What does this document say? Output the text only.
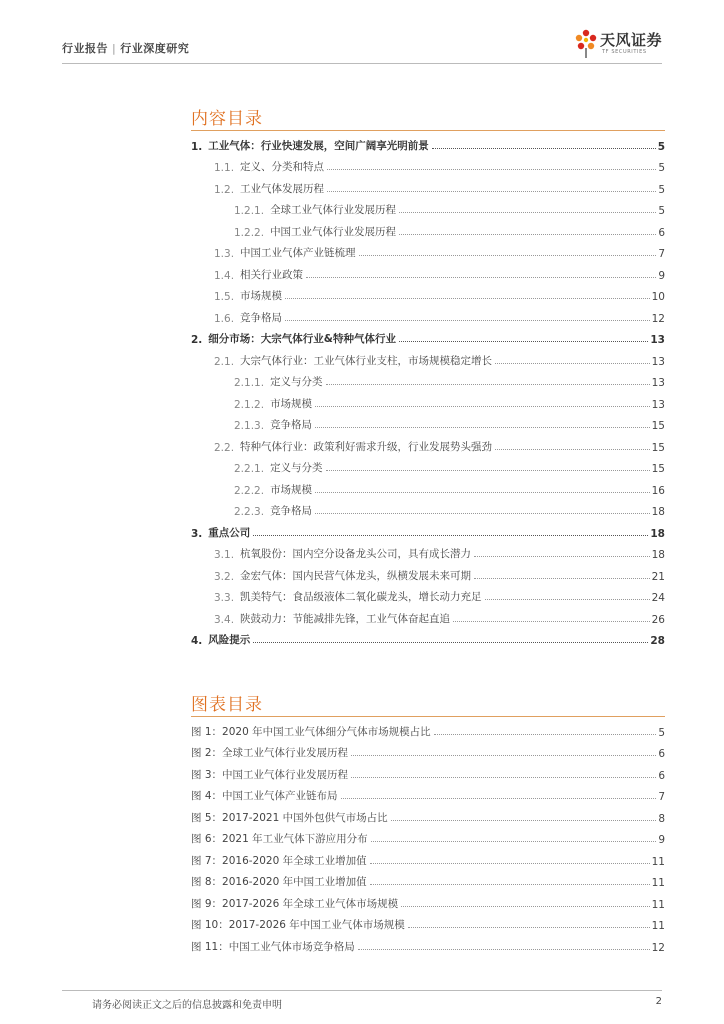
行业报告 | 行业深度研究	天风证券
TF SECURITIES
内容目录
1. 工业气体：行业快速发展，空间广阔享光明前景	5
1.1. 定义、分类和特点	5
1.2. 工业气体发展历程	5
1.2.1. 全球工业气体行业发展历程	5
1.2.2. 中国工业气体行业发展历程	6
1.3. 中国工业气体产业链梳理	7
1.4. 相关行业政策	9
1.5. 市场规模	10
1.6. 竞争格局	12
2. 细分市场：大宗气体行业&特种气体行业	13
2.1. 大宗气体行业：工业气体行业支柱，市场规模稳定增长	13
2.1.1. 定义与分类	13
2.1.2. 市场规模	13
2.1.3. 竞争格局	15
2.2. 特种气体行业：政策利好需求升级，行业发展势头强劲	15
2.2.1. 定义与分类	15
2.2.2. 市场规模	16
2.2.3. 竞争格局	18
3. 重点公司	18
3.1. 杭氧股份：国内空分设备龙头公司，具有成长潜力	18
3.2. 金宏气体：国内民营气体龙头，纵横发展未来可期	21
3.3. 凯美特气：食品级液体二氧化碳龙头，增长动力充足	24
3.4. 陕鼓动力：节能减排先锋，工业气体奋起直追	26
4. 风险提示	28
图表目录
图 1： 2020 年中国工业气体细分气体市场规模占比	5
图 2： 全球工业气体行业发展历程	6
图 3： 中国工业气体行业发展历程	6
图 4： 中国工业气体产业链布局	7
图 5： 2017-2021 中国外包供气市场占比	8
图 6： 2021 年工业气体下游应用分布	9
图 7： 2016-2020 年全球工业增加值	11
图 8： 2016-2020 年中国工业增加值	11
图 9： 2017-2026 年全球工业气体市场规模	11
图 10： 2017-2026 年中国工业气体市场规模	11
图 11： 中国工业气体市场竞争格局	12
请务必阅读正文之后的信息披露和免责申明	2
